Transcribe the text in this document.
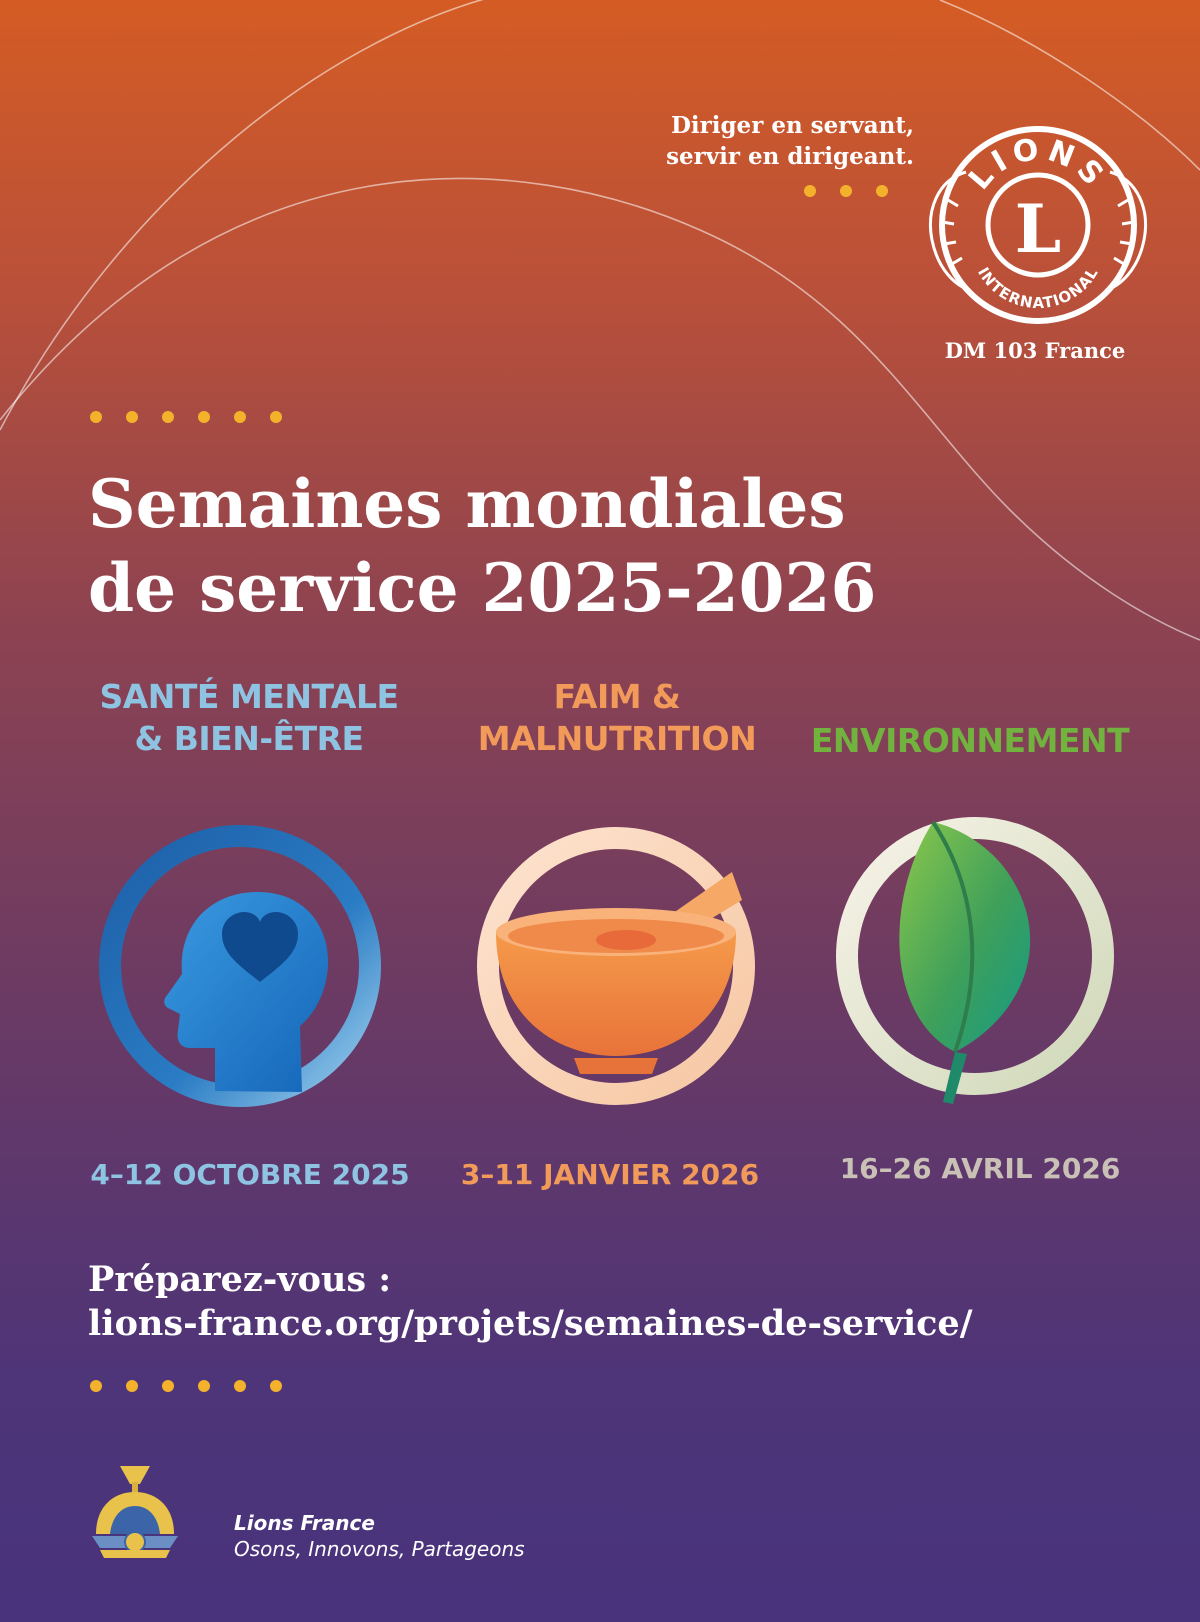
Diriger en servant,
servir en dirigeant. LIONS
L
INTERNATIONAL
DM 103 France
Semaines mondiales
de service 2025-2026
SANTÉ MENTALE
& BIEN-ÊTRE
FAIM &
MALNUTRITION	ENVIRONNEMENT
4–12 OCTOBRE 2025	3–11 JANVIER 2026	16–26 AVRIL 2026
Préparez-vous :
lions-france.org/projets/semaines-de-service/
Lions France
Osons, Innovons, Partageons
